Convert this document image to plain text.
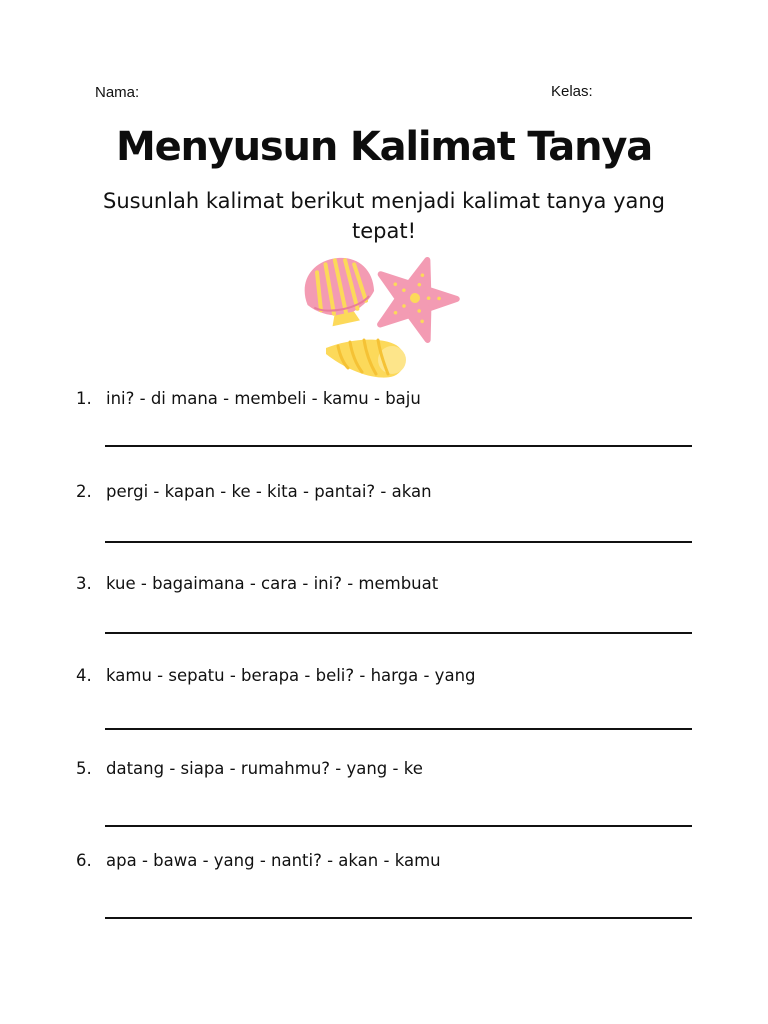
Nama:	Kelas:
Menyusun Kalimat Tanya

Susunlah kalimat berikut menjadi kalimat tanya yang tepat!

1. ini? - di mana - membeli - kamu - baju
2. pergi - kapan - ke - kita - pantai? - akan
3. kue - bagaimana - cara - ini? - membuat
4. kamu - sepatu - berapa - beli? - harga - yang
5. datang - siapa - rumahmu? - yang - ke
6. apa - bawa - yang - nanti? - akan - kamu
